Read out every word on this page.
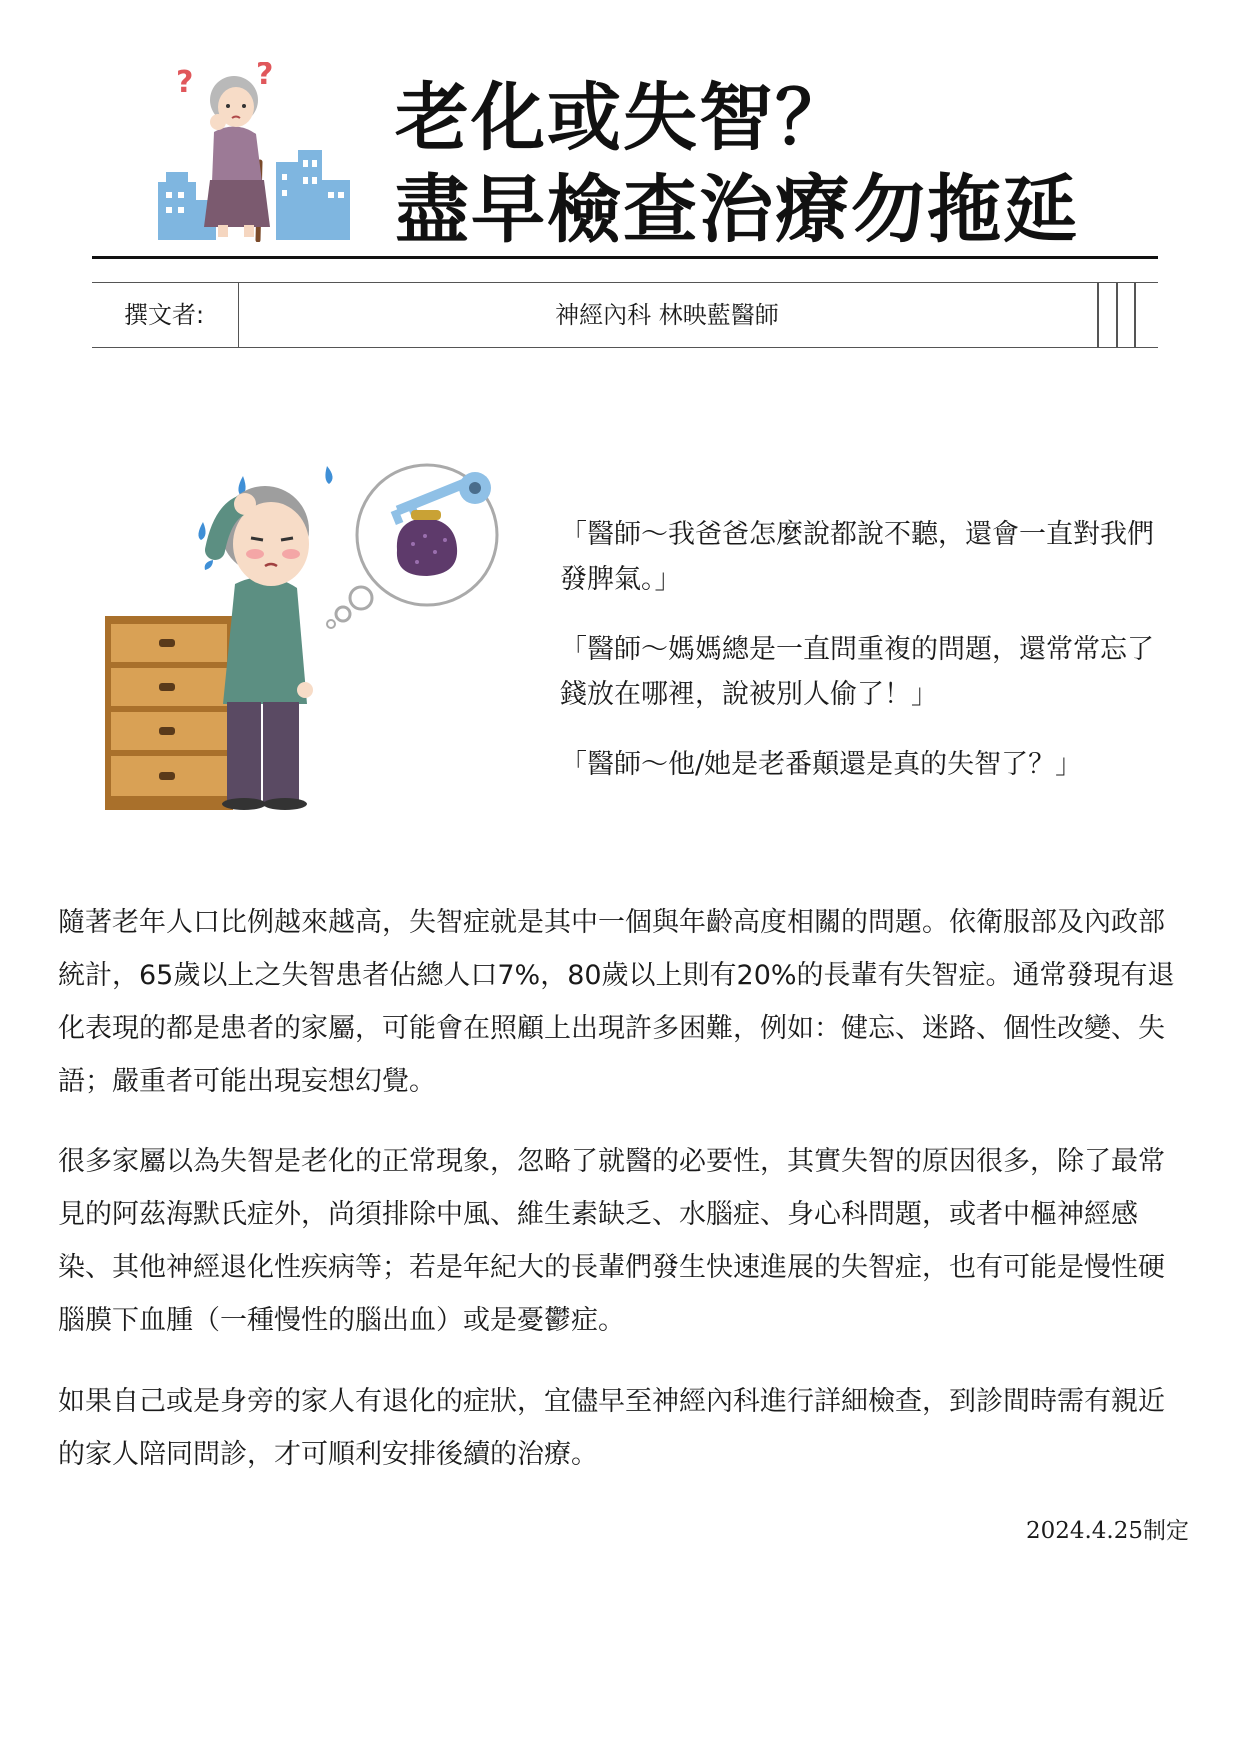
? ?
老化或失智？
盡早檢查治療勿拖延
撰文者:	神經內科 林映藍醫師
「醫師～我爸爸怎麼說都說不聽，還會一直對我們發脾氣。」
「醫師～媽媽總是一直問重複的問題，還常常忘了錢放在哪裡，說被別人偷了！」
「醫師～他/她是老番顛還是真的失智了？」
隨著老年人口比例越來越高，失智症就是其中一個與年齡高度相關的問題。依衛服部及內政部統計，65歲以上之失智患者佔總人口7%，80歲以上則有20%的長輩有失智症。通常發現有退化表現的都是患者的家屬，可能會在照顧上出現許多困難，例如：健忘、迷路、個性改變、失語；嚴重者可能出現妄想幻覺。
很多家屬以為失智是老化的正常現象，忽略了就醫的必要性，其實失智的原因很多，除了最常見的阿茲海默氏症外，尚須排除中風、維生素缺乏、水腦症、身心科問題，或者中樞神經感染、其他神經退化性疾病等；若是年紀大的長輩們發生快速進展的失智症，也有可能是慢性硬腦膜下血腫（一種慢性的腦出血）或是憂鬱症。
如果自己或是身旁的家人有退化的症狀，宜儘早至神經內科進行詳細檢查，到診間時需有親近的家人陪同問診，才可順利安排後續的治療。
2024.4.25制定
